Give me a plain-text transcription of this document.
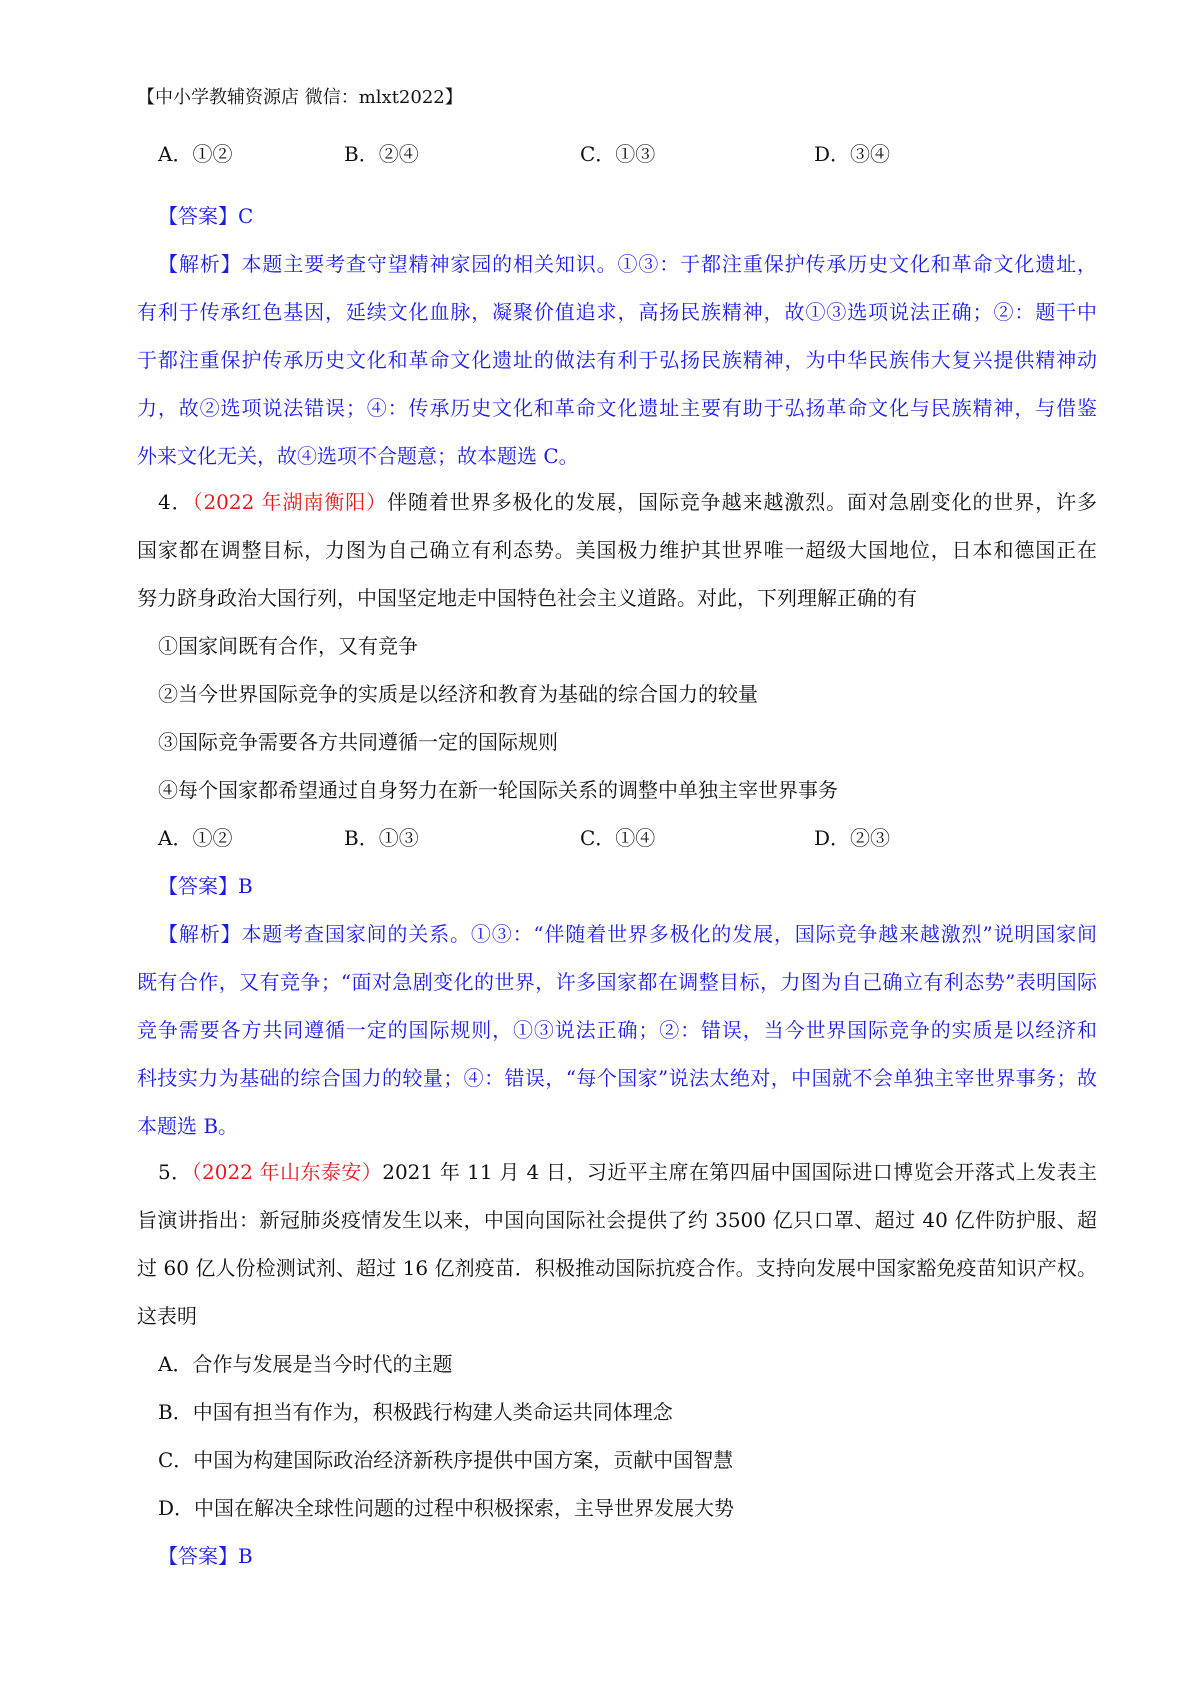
【中小学教辅资源店 微信：mlxt2022】
A．①②	B．②④	C．①③	D．③④
【答案】C
【解析】本题主要考查守望精神家园的相关知识。①③：于都注重保护传承历史文化和革命文化遗址，
有利于传承红色基因，延续文化血脉，凝聚价值追求，高扬民族精神，故①③选项说法正确；②：题干中
于都注重保护传承历史文化和革命文化遗址的做法有利于弘扬民族精神，为中华民族伟大复兴提供精神动
力，故②选项说法错误；④：传承历史文化和革命文化遗址主要有助于弘扬革命文化与民族精神，与借鉴
外来文化无关，故④选项不合题意；故本题选 C。
4．（2022 年湖南衡阳）伴随着世界多极化的发展，国际竞争越来越激烈。面对急剧变化的世界，许多
国家都在调整目标，力图为自己确立有利态势。美国极力维护其世界唯一超级大国地位，日本和德国正在
努力跻身政治大国行列，中国坚定地走中国特色社会主义道路。对此，下列理解正确的有
①国家间既有合作，又有竞争
②当今世界国际竞争的实质是以经济和教育为基础的综合国力的较量
③国际竞争需要各方共同遵循一定的国际规则
④每个国家都希望通过自身努力在新一轮国际关系的调整中单独主宰世界事务
A．①②	B．①③	C．①④	D．②③
【答案】B
【解析】本题考查国家间的关系。①③：“伴随着世界多极化的发展，国际竞争越来越激烈”说明国家间
既有合作，又有竞争；“面对急剧变化的世界，许多国家都在调整目标，力图为自己确立有利态势”表明国际
竞争需要各方共同遵循一定的国际规则，①③说法正确；②：错误，当今世界国际竞争的实质是以经济和
科技实力为基础的综合国力的较量；④：错误，“每个国家”说法太绝对，中国就不会单独主宰世界事务；故
本题选 B。
5．（2022 年山东泰安）2021 年 11 月 4 日，习近平主席在第四届中国国际进口博览会开落式上发表主
旨演讲指出：新冠肺炎疫情发生以来，中国向国际社会提供了约 3500 亿只口罩、超过 40 亿件防护服、超
过 60 亿人份检测试剂、超过 16 亿剂疫苗．积极推动国际抗疫合作。支持向发展中国家豁免疫苗知识产权。
这表明
A．合作与发展是当今时代的主题
B．中国有担当有作为，积极践行构建人类命运共同体理念
C．中国为构建国际政治经济新秩序提供中国方案，贡献中国智慧
D．中国在解决全球性问题的过程中积极探索，主导世界发展大势
【答案】B
